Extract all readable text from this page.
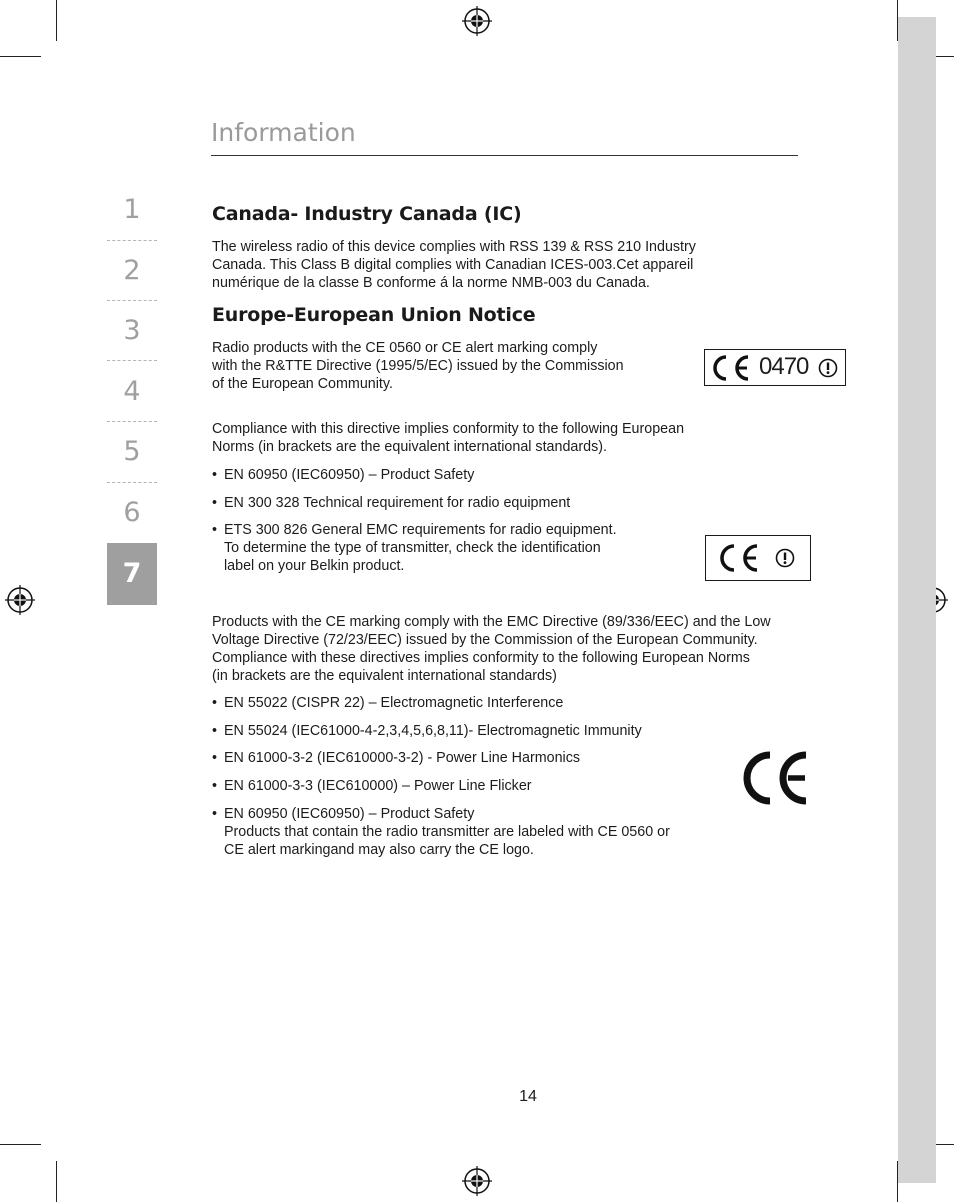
1
2
3
4
5
6
7
Information
Canada- Industry Canada (IC)
The wireless radio of this device complies with RSS 139 & RSS 210 Industry
Canada. This Class B digital complies with Canadian ICES-003.Cet appareil
numérique de la classe B conforme á la norme NMB-003 du Canada.
Europe-European Union Notice
Radio products with the CE 0560 or CE alert marking comply
with the R&TTE Directive (1995/5/EC) issued by the Commission
of the European Community.
0470
Compliance with this directive implies conformity to the following European
Norms (in brackets are the equivalent international standards).
• EN 60950 (IEC60950) – Product Safety
• EN 300 328 Technical requirement for radio equipment
• ETS 300 826 General EMC requirements for radio equipment.
To determine the type of transmitter, check the identification
label on your Belkin product.
Products with the CE marking comply with the EMC Directive (89/336/EEC) and the Low
Voltage Directive (72/23/EEC) issued by the Commission of the European Community.
Compliance with these directives implies conformity to the following European Norms
(in brackets are the equivalent international standards)
• EN 55022 (CISPR 22) – Electromagnetic Interference
• EN 55024 (IEC61000-4-2,3,4,5,6,8,11)- Electromagnetic Immunity
• EN 61000-3-2 (IEC610000-3-2) - Power Line Harmonics
• EN 61000-3-3 (IEC610000) – Power Line Flicker
• EN 60950 (IEC60950) – Product Safety
Products that contain the radio transmitter are labeled with CE 0560 or
CE alert markingand may also carry the CE logo.
14
